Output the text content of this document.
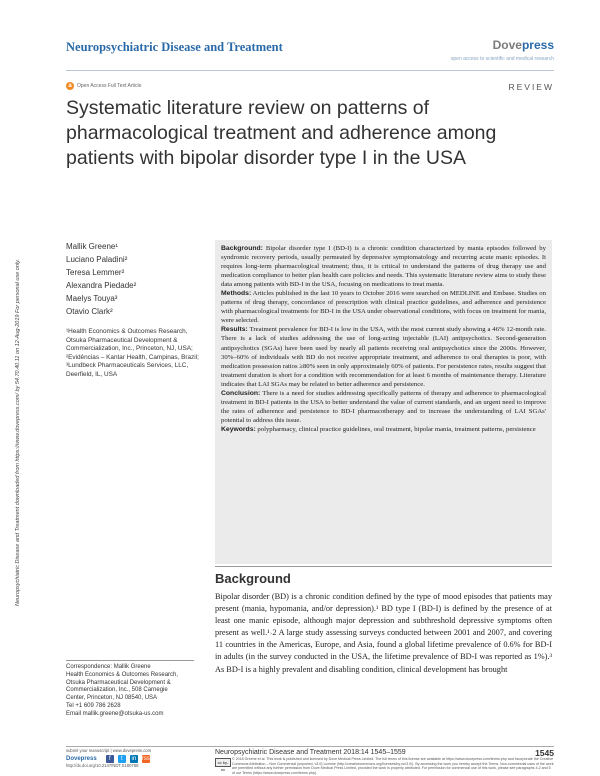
Neuropsychiatric Disease and Treatment	Dovepress
open access to scientific and medical research
a	Open Access Full Text Article	REVIEW
Systematic literature review on patterns of pharmacological treatment and adherence among patients with bipolar disorder type I in the USA
Neuropsychiatric Disease and Treatment downloaded from https://www.dovepress.com/ by 54.70.40.11 on 12-Aug-2019 For personal use only.
Mallik Greene¹
Luciano Paladini²
Teresa Lemmer²
Alexandra Piedade²
Maelys Touya³
Otavio Clark²
¹Health Economics & Outcomes Research, Otsuka Pharmaceutical Development & Commercialization, Inc., Princeton, NJ, USA; ²Evidências – Kantar Health, Campinas, Brazil; ³Lundbeck Pharmaceuticals Services, LLC, Deerfield, IL, USA

Background: Bipolar disorder type I (BD-I) is a chronic condition characterized by mania episodes followed by syndromic recovery periods, usually permeated by depressive symptomatology and recurring acute manic episodes. It requires long-term pharmacological treatment; thus, it is critical to understand the patterns of drug therapy use and medication compliance to better plan health care policies and needs. This systematic literature review aims to study these data among patients with BD-I in the USA, focusing on medications to treat mania.

Methods: Articles published in the last 10 years to October 2016 were searched on MEDLINE and Embase. Studies on patterns of drug therapy, concordance of prescription with clinical practice guidelines, and adherence and persistence with pharmacological treatments for BD-I in the USA under observational conditions, with focus on treatment for mania, were selected.

Results: Treatment prevalence for BD-I is low in the USA, with the most current study showing a 46% 12-month rate. There is a lack of studies addressing the use of long-acting injectable (LAI) antipsychotics. Second-generation antipsychotics (SGAs) have been used by nearly all patients receiving oral antipsychotics since the 2000s. However, 30%–60% of individuals with BD do not receive appropriate treatment, and adherence to oral therapies is poor, with medication possession ratios ≥80% seen in only approximately 60% of patients. For persistence rates, results suggest that treatment duration is short for a condition with recommendation for at least 6 months of maintenance therapy. Literature indicates that LAI SGAs may be related to better adherence and persistence.

Conclusion: There is a need for studies addressing specifically patterns of therapy and adherence to pharmacological treatment in BD-I patients in the USA to better understand the value of current standards, and an urgent need to improve the rates of adherence and persistence to BD-I pharmacotherapy and to increase the understanding of LAI SGAs' potential to address this issue.

Keywords: polypharmacy, clinical practice guidelines, oral treatment, bipolar mania, treatment patterns, persistence

Background
Bipolar disorder (BD) is a chronic condition defined by the type of mood episodes that patients may present (mania, hypomania, and/or depression).¹ BD type I (BD-I) is defined by the presence of at least one manic episode, although major depression and subthreshold depressive symptoms often present as well.¹˒2 A large study assessing surveys conducted between 2001 and 2007, and covering 11 countries in the Americas, Europe, and Asia, found a global lifetime prevalence of 0.6% for BD-I in adults (in the survey conducted in the USA, the lifetime prevalence of BD-I was reported as 1%).³ As BD-I is a highly prevalent and disabling condition, clinical development has brought
Correspondence: Mallik Greene
Health Economics & Outcomes Research,
Otsuka Pharmaceutical Development &
Commercialization, Inc., 508 Carnegie
Center, Princeton, NJ 08540, USA
Tel +1 609 786 2628
Email mallik.greene@otsuka-us.com
submit your manuscript | www.dovepress.com
Dovepress	f	t	in rss
http://dx.doi.org/10.2147/NDT.S180788
Neuropsychiatric Disease and Treatment 2018:14 1545–1559	1545
cc by-nc
© 2018 Greene et al. This work is published and licensed by Dove Medical Press Limited. The full terms of this license are available at https://www.dovepress.com/terms.php and incorporate the Creative Commons Attribution – Non Commercial (unported, v3.0) License (http://creativecommons.org/licenses/by-nc/3.0/). By accessing the work you hereby accept the Terms. Non-commercial uses of the work are permitted without any further permission from Dove Medical Press Limited, provided the work is properly attributed. For permission for commercial use of this work, please see paragraphs 4.2 and 5 of our Terms (https://www.dovepress.com/terms.php).
